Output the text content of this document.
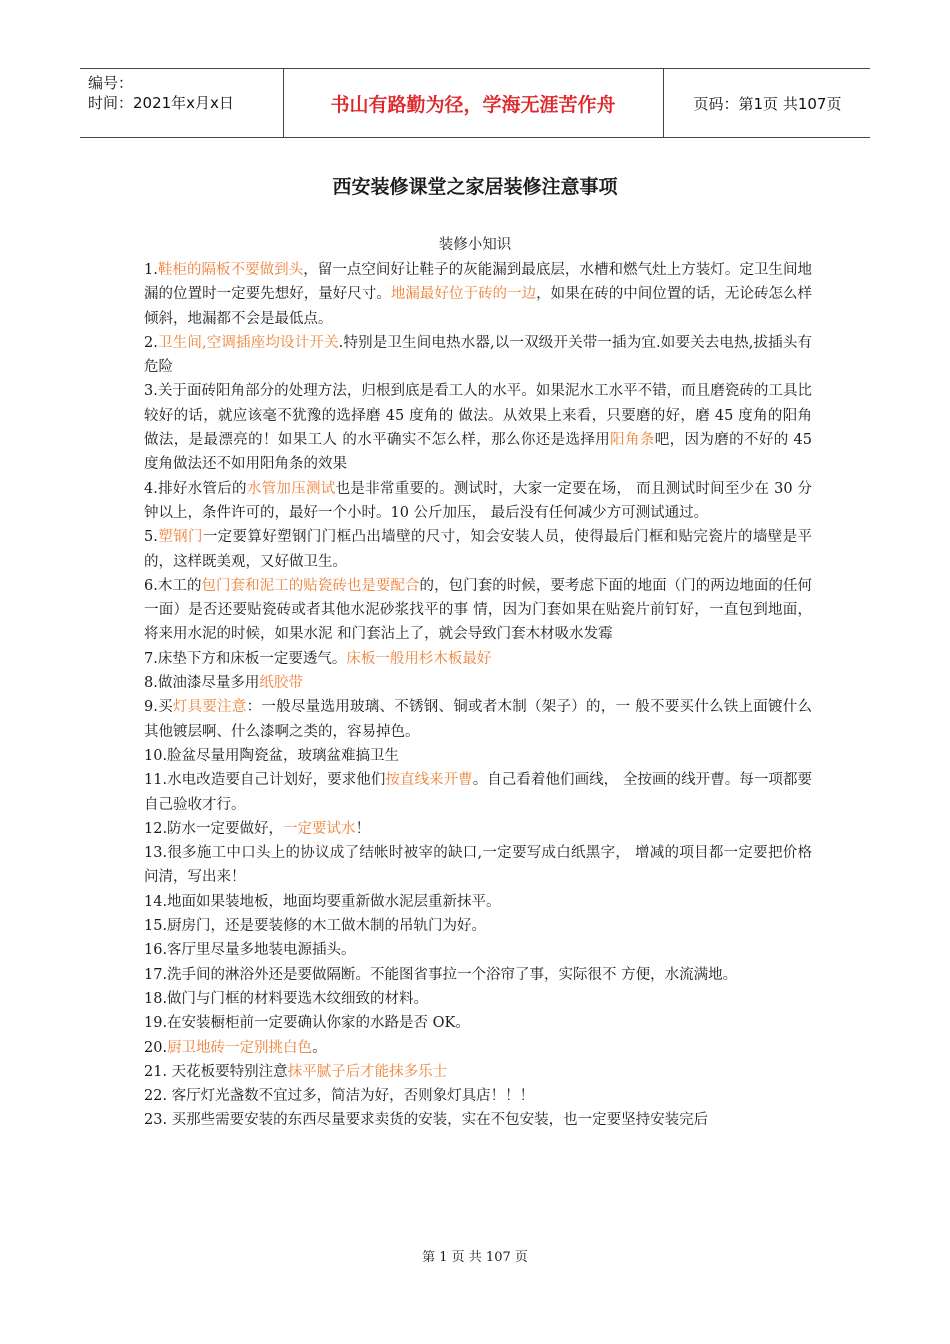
编号：
时间：2021年x月x日	书山有路勤为径，学海无涯苦作舟	页码：第1页 共107页
西安装修课堂之家居装修注意事项
装修小知识

1.鞋柜的隔板不要做到头，留一点空间好让鞋子的灰能漏到最底层，水槽和燃气灶上方装灯。定卫生间地漏的位置时一定要先想好，量好尺寸。地漏最好位于砖的一边，如果在砖的中间位置的话，无论砖怎么样倾斜，地漏都不会是最低点。

2.卫生间,空调插座均设计开关.特别是卫生间电热水器,以一双级开关带一插为宜.如要关去电热,拔插头有危险

3.关于面砖阳角部分的处理方法，归根到底是看工人的水平。如果泥水工水平不错，而且磨瓷砖的工具比较好的话，就应该毫不犹豫的选择磨 45 度角的 做法。从效果上来看，只要磨的好，磨 45 度角的阳角做法，是最漂亮的！如果工人 的水平确实不怎么样，那么你还是选择用阳角条吧，因为磨的不好的 45 度角做法还不如用阳角条的效果

4.排好水管后的水管加压测试也是非常重要的。测试时，大家一定要在场， 而且测试时间至少在 30 分钟以上，条件许可的，最好一个小时。10 公斤加压， 最后没有任何减少方可测试通过。

5.塑钢门一定要算好塑钢门门框凸出墙壁的尺寸，知会安装人员，使得最后门框和贴完瓷片的墙壁是平的，这样既美观，又好做卫生。

6.木工的包门套和泥工的贴瓷砖也是要配合的，包门套的时候，要考虑下面的地面（门的两边地面的任何一面）是否还要贴瓷砖或者其他水泥砂浆找平的事 情，因为门套如果在贴瓷片前钉好，一直包到地面，将来用水泥的时候，如果水泥 和门套沾上了，就会导致门套木材吸水发霉

7.床垫下方和床板一定要透气。床板一般用杉木板最好

8.做油漆尽量多用纸胶带

9.买灯具要注意：一般尽量选用玻璃、不锈钢、铜或者木制（架子）的，一 般不要买什么铁上面镀什么其他镀层啊、什么漆啊之类的，容易掉色。

10.脸盆尽量用陶瓷盆，玻璃盆难搞卫生

11.水电改造要自己计划好，要求他们按直线来开曹。自己看着他们画线， 全按画的线开曹。每一项都要自己验收才行。

12.防水一定要做好，一定要试水！

13.很多施工中口头上的协议成了结帐时被宰的缺口,一定要写成白纸黑字， 增减的项目都一定要把价格问清，写出来！

14.地面如果装地板，地面均要重新做水泥层重新抹平。

15.厨房门，还是要装修的木工做木制的吊轨门为好。

16.客厅里尽量多地装电源插头。

17.洗手间的淋浴外还是要做隔断。不能图省事拉一个浴帘了事，实际很不 方便，水流满地。

18.做门与门框的材料要选木纹细致的材料。

19.在安装橱柜前一定要确认你家的水路是否 OK。

20.厨卫地砖一定别挑白色。

21. 天花板要特别注意抹平腻子后才能抹多乐士

22. 客厅灯光盏数不宜过多，简洁为好，否则象灯具店！！！

23. 买那些需要安装的东西尽量要求卖货的安装，实在不包安装，也一定要坚持安装完后

第 1 页 共 107 页
